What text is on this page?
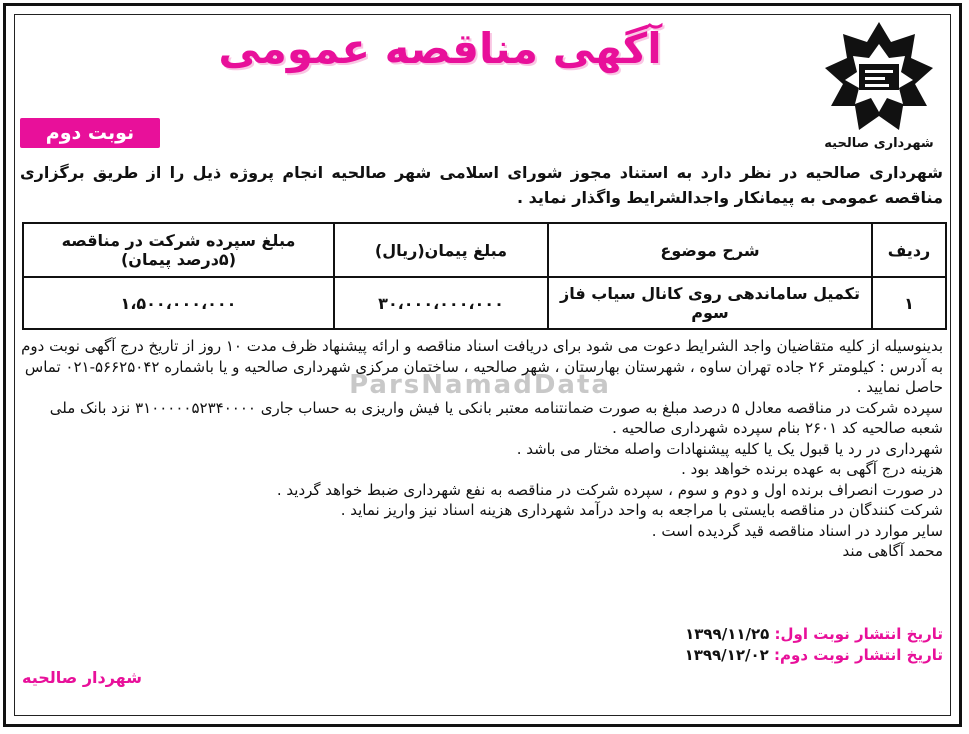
آگهی مناقصه عمومی
شهرداری صالحیه
نوبت دوم
شهرداری صالحیه در نظر دارد به استناد مجوز شورای اسلامی شهر صالحیه انجام پروژه ذیل را از طریق برگزاری مناقصه عمومی به پیمانکار واجدالشرایط واگذار نماید .
ردیف	شرح موضوع	مبلغ پیمان(ریال)	مبلغ سپرده شرکت در مناقصه (۵درصد پیمان)
۱	تکمیل ساماندهی روی کانال سیاب فاز سوم	۳۰،۰۰۰،۰۰۰،۰۰۰	۱،۵۰۰،۰۰۰،۰۰۰
ParsNamadData

بدینوسیله از کلیه متقاضیان واجد الشرایط دعوت می شود برای دریافت اسناد مناقصه و ارائه پیشنهاد ظرف مدت ۱۰ روز از تاریخ درج آگهی نوبت دوم به آدرس : کیلومتر ۲۶ جاده تهران ساوه ، شهرستان بهارستان ، شهر صالحیه ، ساختمان مرکزی شهرداری صالحیه و یا باشماره ۵۶۶۲۵۰۴۲-۰۲۱ تماس حاصل نمایید .

سپرده شرکت در مناقصه معادل ۵ درصد مبلغ به صورت ضمانتنامه معتبر بانکی یا فیش واریزی به حساب جاری ۳۱۰۰۰۰۰۵۲۳۴۰۰۰۰ نزد بانک ملی شعبه صالحیه کد ۲۶۰۱ بنام سپرده شهرداری صالحیه .

شهرداری در رد یا قبول یک یا کلیه پیشنهادات واصله مختار می باشد .

هزینه درج آگهی به عهده برنده خواهد بود .

در صورت انصراف برنده اول و دوم و سوم ، سپرده شرکت در مناقصه به نفع شهرداری ضبط خواهد گردید .

شرکت کنندگان در مناقصه بایستی با مراجعه به واحد درآمد شهرداری هزینه اسناد نیز واریز نماید .

سایر موارد در اسناد مناقصه قید گردیده است .

محمد آگاهی مند

تاریخ انتشار نوبت اول: ۱۳۹۹/۱۱/۲۵
تاریخ انتشار نوبت دوم: ۱۳۹۹/۱۲/۰۲
شهردار صالحیه
